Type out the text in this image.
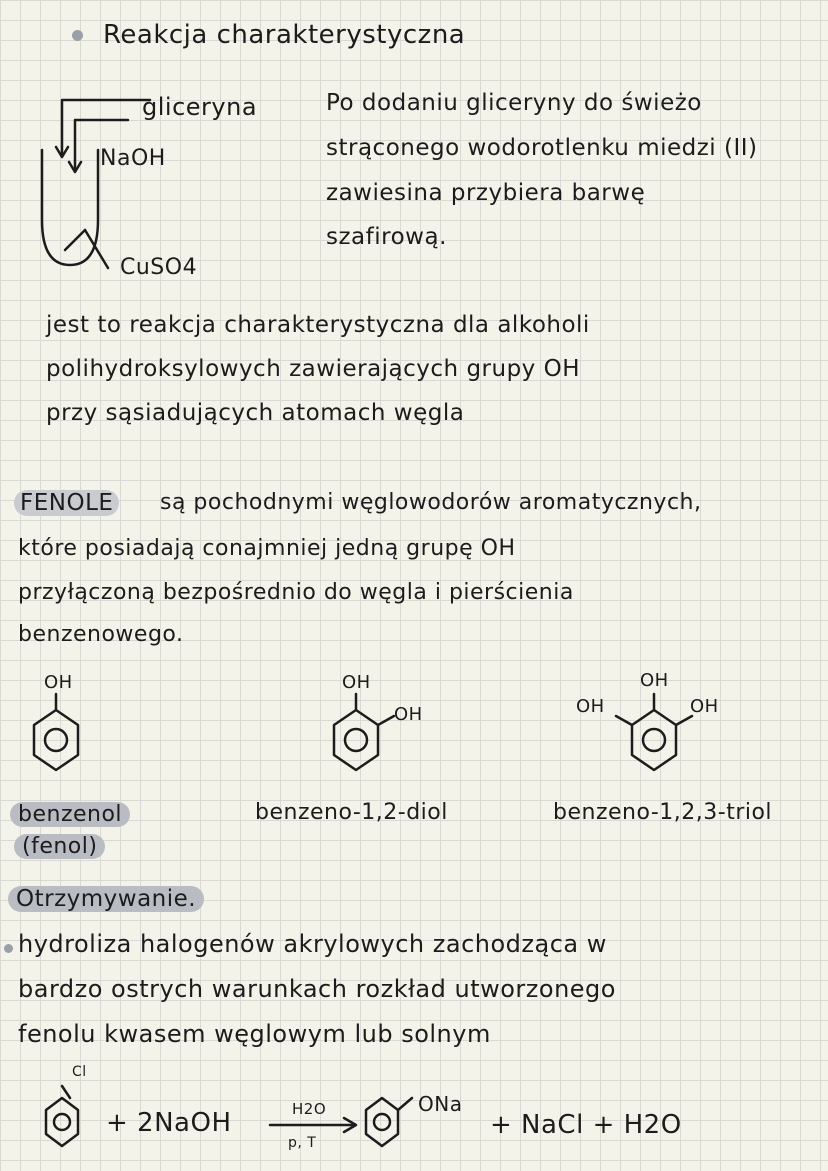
Reakcja charakterystyczna
gliceryna
NaOH
CuSO4
Po dodaniu gliceryny do świeżo
strąconego wodorotlenku miedzi (II)
zawiesina przybiera barwę
szafirową.
jest to reakcja charakterystyczna dla alkoholi
polihydroksylowych zawierających grupy OH
przy sąsiadujących atomach węgla
FENOLE są pochodnymi węglowodorów aromatycznych,
które posiadają conajmniej jedną grupę OH
przyłączoną bezpośrednio do węgla i pierścienia
benzenowego.
OH
benzenol
(fenol)
OH
OH
benzeno-1,2-diol
OH
OH	OH
benzeno-1,2,3-triol
Otrzymywanie.
hydroliza halogenów akrylowych zachodząca w
bardzo ostrych warunkach rozkład utworzonego
fenolu kwasem węglowym lub solnym
Cl
+ 2NaOH	H2O
p, T
ONa
+ NaCl + H2O
